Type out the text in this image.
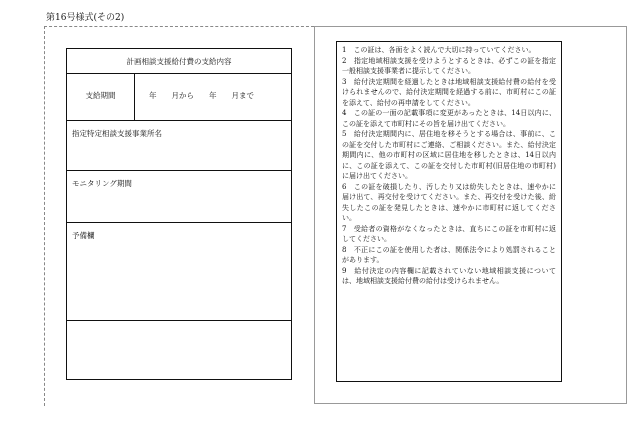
第16号様式(その2)
計画相談支援給付費の支給内容
支給期間	年　　月から　　年　　月まで
指定特定相談支援事業所名
モニタリング期間
予備欄

1　この証は、各面をよく読んで大切に持っていてください。

2　指定地域相談支援を受けようとするときは、必ずこの証を指定一般相談支援事業者に提示してください。

3　給付決定期間を経過したときは地域相談支援給付費の給付を受けられませんので、給付決定期間を経過する前に、市町村にこの証を添えて、給付の再申請をしてください。

4　この証の一面の記載事項に変更があったときは、14日以内に、この証を添えて市町村にその旨を届け出てください。

5　給付決定期間内に、居住地を移そうとする場合は、事前に、この証を交付した市町村にご連絡、ご相談ください。また、給付決定期間内に、他の市町村の区域に居住地を移したときは、14日以内に、この証を添えて、この証を交付した市町村(旧居住地の市町村)に届け出てください。

6　この証を破損したり、汚したり又は紛失したときは、速やかに届け出て、再交付を受けてください。また、再交付を受けた後、紛失したこの証を発見したときは、速やかに市町村に返してください。

7　受給者の資格がなくなったときは、直ちにこの証を市町村に返してください。

8　不正にこの証を使用した者は、関係法令により処罰されることがあります。

9　給付決定の内容欄に記載されていない地域相談支援については、地域相談支援給付費の給付は受けられません。
